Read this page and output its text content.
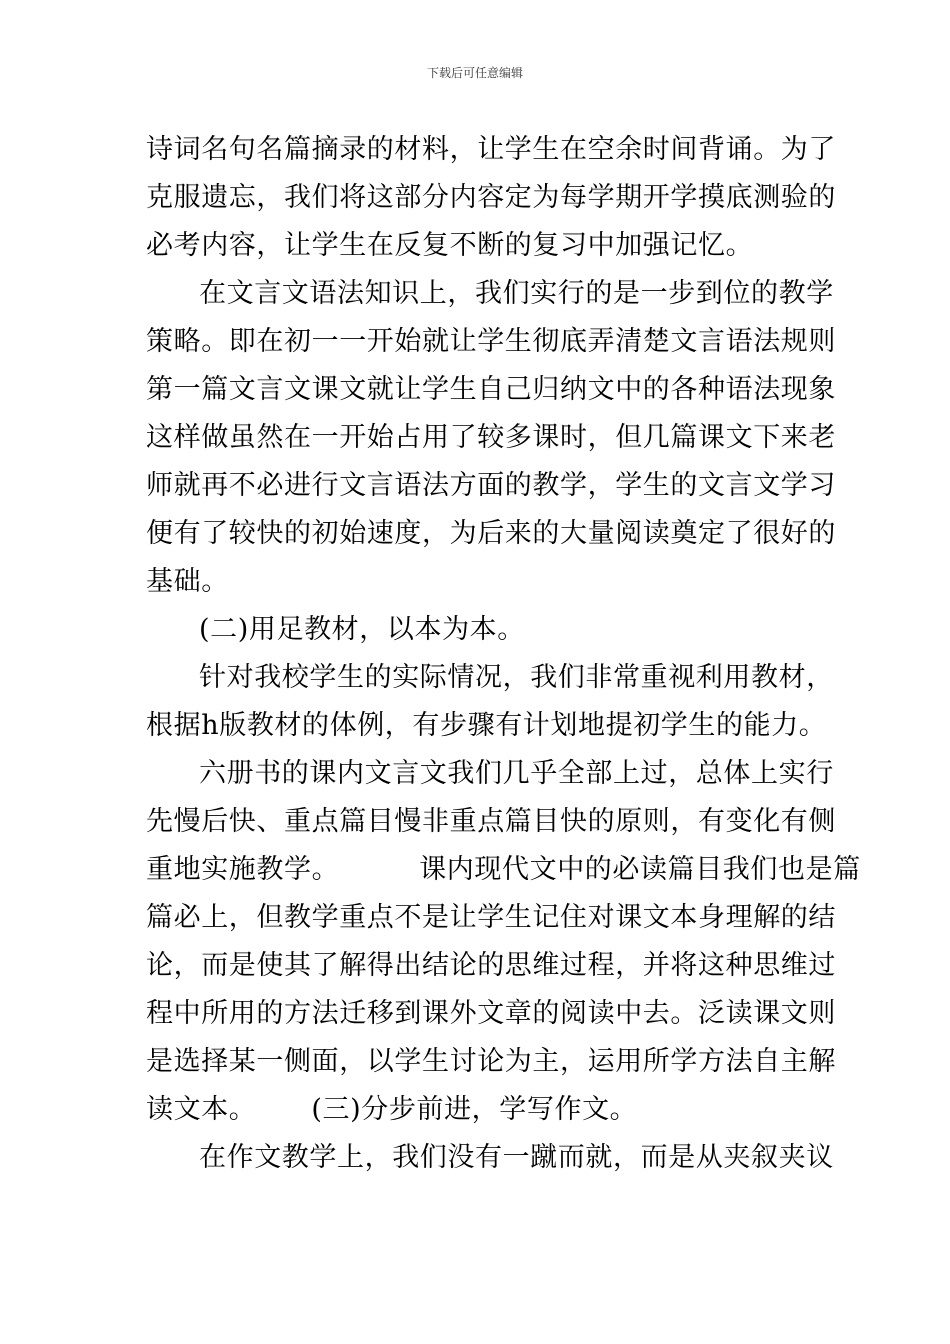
下载后可任意编辑
诗词名句名篇摘录的材料，让学生在空余时间背诵。为了
克服遗忘，我们将这部分内容定为每学期开学摸底测验的
必考内容，让学生在反复不断的复习中加强记忆。
在文言文语法知识上，我们实行的是一步到位的教学
策略。即在初一一开始就让学生彻底弄清楚文言语法规则
第一篇文言文课文就让学生自己归纳文中的各种语法现象
这样做虽然在一开始占用了较多课时，但几篇课文下来老
师就再不必进行文言语法方面的教学，学生的文言文学习
便有了较快的初始速度，为后来的大量阅读奠定了很好的
基础。
(二)用足教材，以本为本。
针对我校学生的实际情况，我们非常重视利用教材，
根据h版教材的体例，有步骤有计划地提初学生的能力。
六册书的课内文言文我们几乎全部上过，总体上实行
先慢后快、重点篇目慢非重点篇目快的原则，有变化有侧
重地实施教学。	课内现代文中的必读篇目我们也是篇
篇必上，但教学重点不是让学生记住对课文本身理解的结
论，而是使其了解得出结论的思维过程，并将这种思维过
程中所用的方法迁移到课外文章的阅读中去。泛读课文则
是选择某一侧面，以学生讨论为主，运用所学方法自主解
读文本。 (三)分步前进，学写作文。
在作文教学上，我们没有一蹴而就，而是从夹叙夹议
